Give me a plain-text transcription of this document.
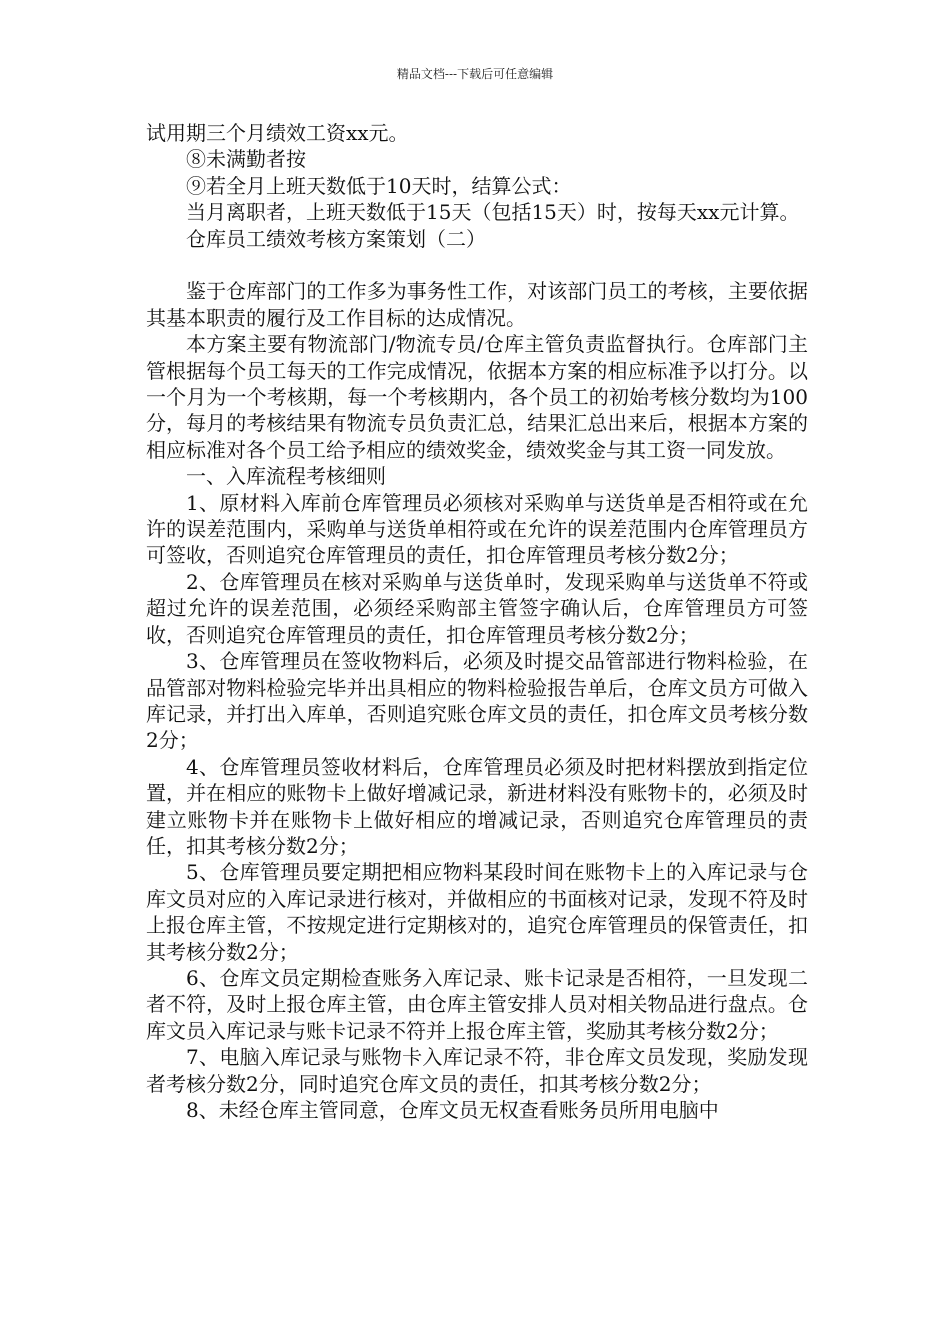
精品文档---下载后可任意编辑

试用期三个月绩效工资xx元。

⑧未满勤者按

⑨若全月上班天数低于10天时，结算公式：

当月离职者，上班天数低于15天（包括15天）时，按每天xx元计算。

仓库员工绩效考核方案策划（二）

鉴于仓库部门的工作多为事务性工作，对该部门员工的考核，主要依据其基本职责的履行及工作目标的达成情况。

本方案主要有物流部门/物流专员/仓库主管负责监督执行。仓库部门主管根据每个员工每天的工作完成情况，依据本方案的相应标准予以打分。以一个月为一个考核期，每一个考核期内，各个员工的初始考核分数均为100分，每月的考核结果有物流专员负责汇总，结果汇总出来后，根据本方案的相应标准对各个员工给予相应的绩效奖金，绩效奖金与其工资一同发放。

一、入库流程考核细则

1、原材料入库前仓库管理员必须核对采购单与送货单是否相符或在允许的误差范围内，采购单与送货单相符或在允许的误差范围内仓库管理员方可签收，否则追究仓库管理员的责任，扣仓库管理员考核分数2分；

2、仓库管理员在核对采购单与送货单时，发现采购单与送货单不符或超过允许的误差范围，必须经采购部主管签字确认后，仓库管理员方可签收，否则追究仓库管理员的责任，扣仓库管理员考核分数2分；

3、仓库管理员在签收物料后，必须及时提交品管部进行物料检验，在品管部对物料检验完毕并出具相应的物料检验报告单后，仓库文员方可做入库记录，并打出入库单，否则追究账仓库文员的责任，扣仓库文员考核分数2分；

4、仓库管理员签收材料后，仓库管理员必须及时把材料摆放到指定位置，并在相应的账物卡上做好增减记录，新进材料没有账物卡的，必须及时建立账物卡并在账物卡上做好相应的增减记录，否则追究仓库管理员的责任，扣其考核分数2分；

5、仓库管理员要定期把相应物料某段时间在账物卡上的入库记录与仓库文员对应的入库记录进行核对，并做相应的书面核对记录，发现不符及时上报仓库主管，不按规定进行定期核对的，追究仓库管理员的保管责任，扣其考核分数2分；

6、仓库文员定期检查账务入库记录、账卡记录是否相符，一旦发现二者不符，及时上报仓库主管，由仓库主管安排人员对相关物品进行盘点。仓库文员入库记录与账卡记录不符并上报仓库主管，奖励其考核分数2分；

7、电脑入库记录与账物卡入库记录不符，非仓库文员发现，奖励发现者考核分数2分，同时追究仓库文员的责任，扣其考核分数2分；

8、未经仓库主管同意，仓库文员无权查看账务员所用电脑中
